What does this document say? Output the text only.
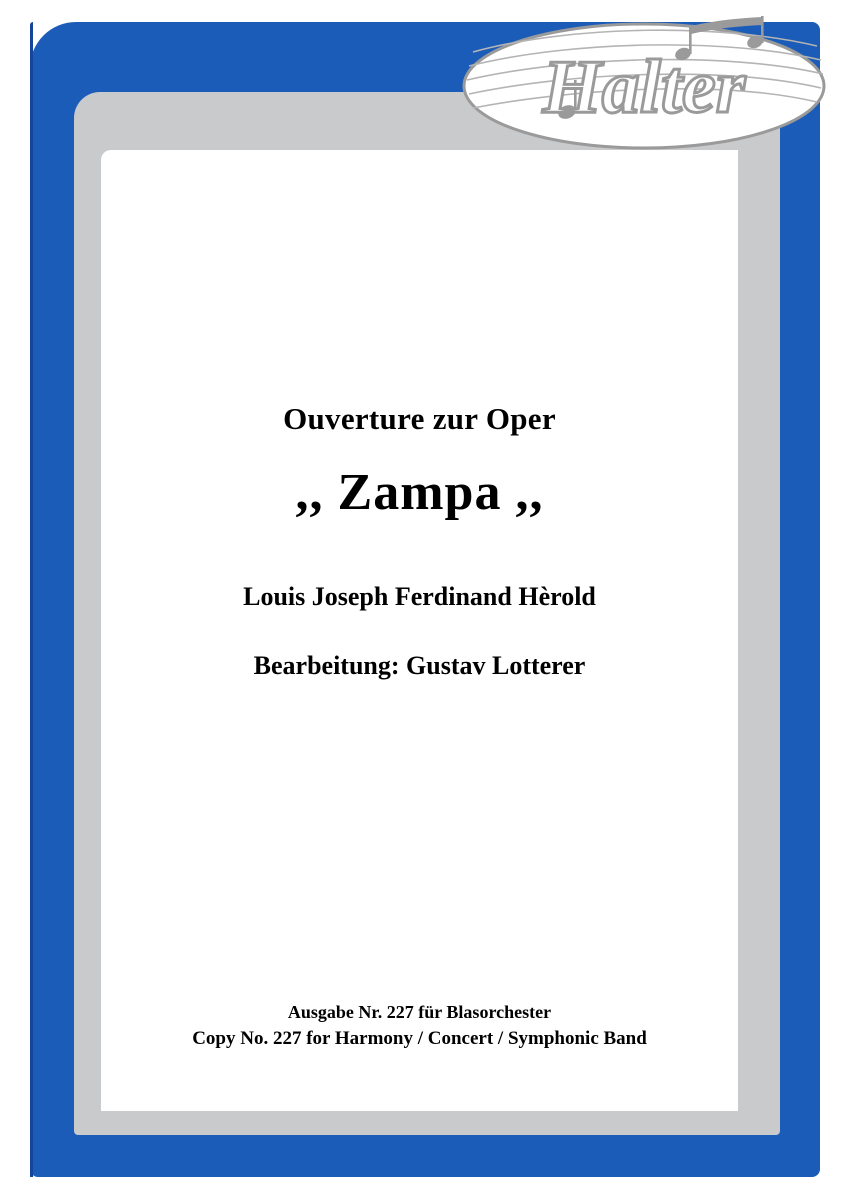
Halter

Ouverture zur Oper

,, Zampa ,,

Louis Joseph Ferdinand Hèrold

Bearbeitung: Gustav Lotterer

Ausgabe Nr. 227 für Blasorchester

Copy No. 227 for Harmony / Concert / Symphonic Band
